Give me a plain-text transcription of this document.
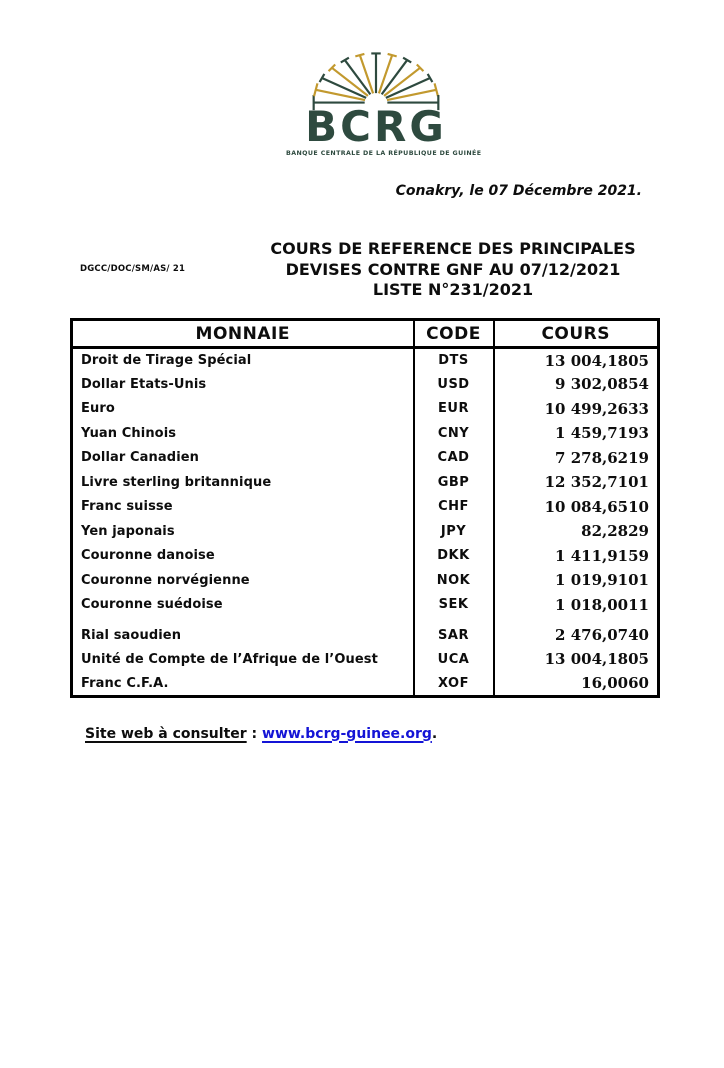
BCRG
BANQUE CENTRALE DE LA RÉPUBLIQUE DE GUINÉE
Conakry, le 07 Décembre 2021.
DGCC/DOC/SM/AS/ 21
COURS DE REFERENCE DES PRINCIPALES
DEVISES CONTRE GNF AU 07/12/2021
LISTE N°231/2021
MONNAIE	CODE	COURS
Droit de Tirage Spécial	DTS	13 004,1805
Dollar Etats-Unis	USD	9 302,0854
Euro	EUR	10 499,2633
Yuan Chinois	CNY	1 459,7193
Dollar Canadien	CAD	7 278,6219
Livre sterling britannique	GBP	12 352,7101
Franc suisse	CHF	10 084,6510
Yen japonais	JPY	82,2829
Couronne danoise	DKK	1 411,9159
Couronne norvégienne	NOK	1 019,9101
Couronne suédoise	SEK	1 018,0011
Rial saoudien	SAR	2 476,0740
Unité de Compte de l’Afrique de l’Ouest	UCA	13 004,1805
Franc C.F.A.	XOF	16,0060
Site web à consulter : www.bcrg-guinee.org.
